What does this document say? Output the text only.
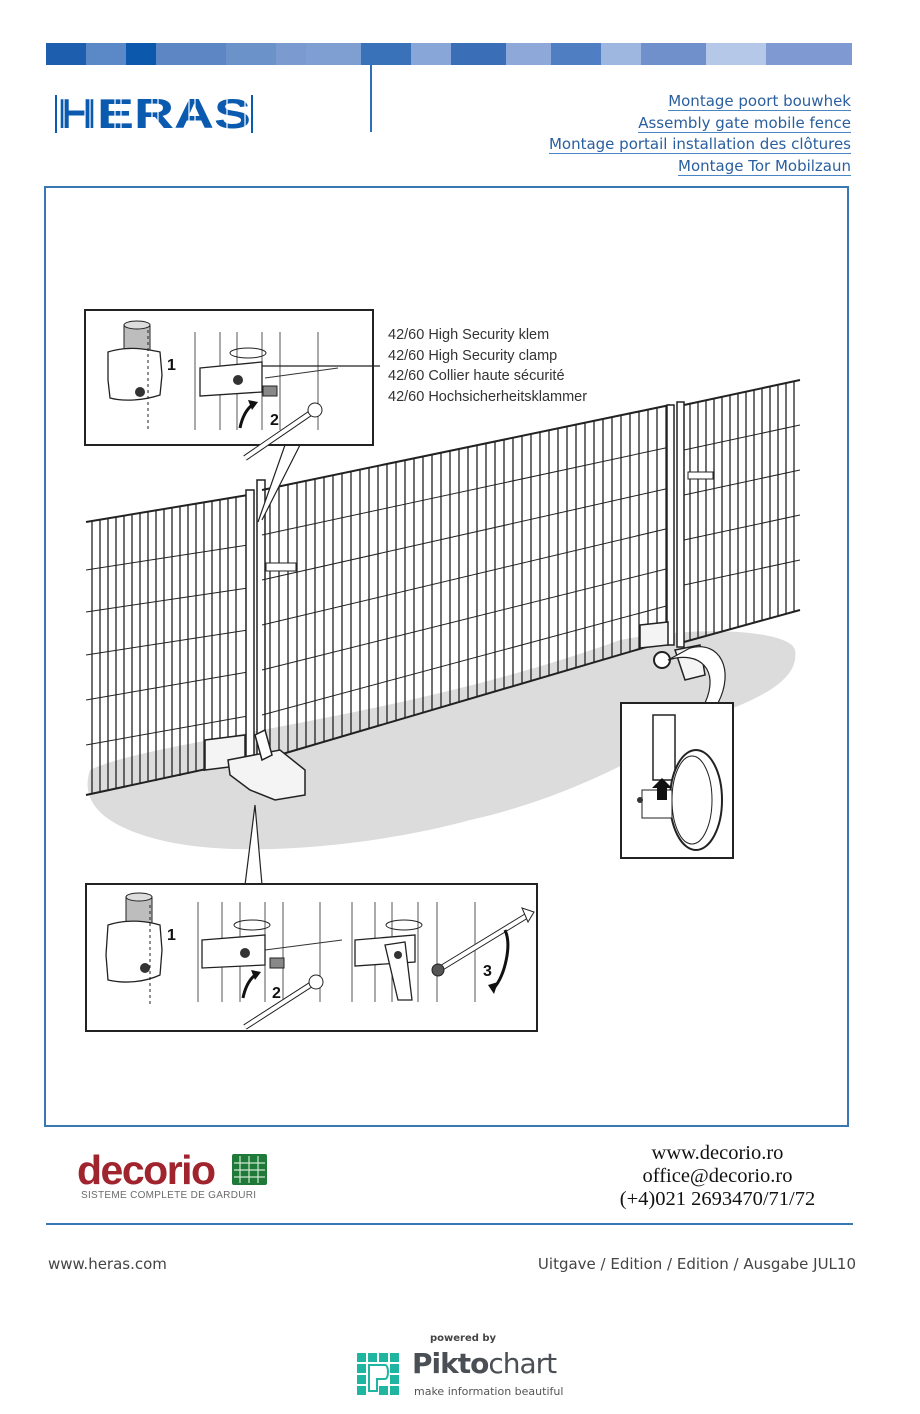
HERAS	Montage poort bouwhek
Assembly gate mobile fence
Montage portail installation des clôtures
Montage Tor Mobilzaun
1
2
1
2
3
42/60 High Security klem
42/60 High Security clamp
42/60 Collier haute sécurité
42/60 Hochsicherheitsklammer
decorio
SISTEME COMPLETE DE GARDURI
www.decorio.ro
office@decorio.ro
(+4)021 2693470/71/72
www.heras.com	Uitgave / Edition / Edition / Ausgabe JUL10
powered by
Piktochart
make information beautiful
